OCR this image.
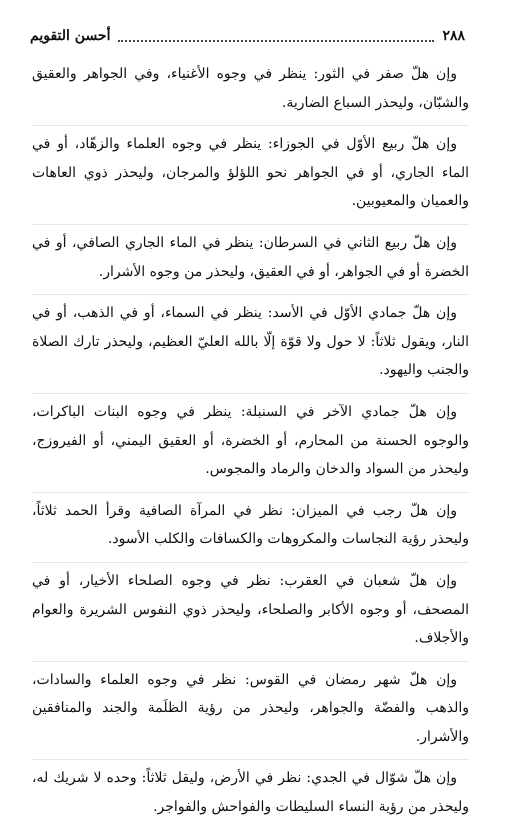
٢٨٨
أحسن التقويم

وإن هلّ صفر في الثور: ينظر في وجوه الأغنياء، وفي الجواهر والعقيق والشبّان، وليحذر السباع الضارية.

وإن هلّ ربيع الأوّل في الجوزاء: ينظر في وجوه العلماء والزهّاد، أو في الماء الجاري، أو في الجواهر نحو اللؤلؤ والمرجان، وليحذر ذوي العاهات والعميان والمعيوبين.

وإن هلّ ربيع الثاني في السرطان: ينظر في الماء الجاري الصافي، أو في الخضرة أو في الجواهر، أو في العقيق، وليحذر من وجوه الأشرار.

وإن هلّ جمادي الأوّل في الأسد: ينظر في السماء، أو في الذهب، أو في النار، ويقول ثلاثاً: لا حول ولا قوّة إلّا بالله العليّ العظيم، وليحذر تارك الصلاة والجنب واليهود.

وإن هلّ جمادي الآخر في السنبلة: ينظر في وجوه البنات الباكرات، والوجوه الحسنة من المحارم، أو الخضرة، أو العقيق اليمني، أو الفيروزج، وليحذر من السواد والدخان والرماد والمجوس.

وإن هلّ رجب في الميزان: نظر في المرآة الصافية وقرأ الحمد ثلاثاً، وليحذر رؤية النجاسات والمكروهات والكسافات والكلب الأسود.

وإن هلّ شعبان في العقرب: نظر في وجوه الصلحاء الأخيار، أو في المصحف، أو وجوه الأكابر والصلحاء، وليحذر ذوي النفوس الشريرة والعوام والأجلاف.

وإن هلّ شهر رمضان في القوس: نظر في وجوه العلماء والسادات، والذهب والفضّة والجواهر، وليحذر من رؤية الظلَمة والجند والمنافقين والأشرار.

وإن هلّ شوّال في الجدي: نظر في الأرض، وليقل ثلاثاً: وحده لا شريك له، وليحذر من رؤية النساء السليطات والفواحش والفواجر.
